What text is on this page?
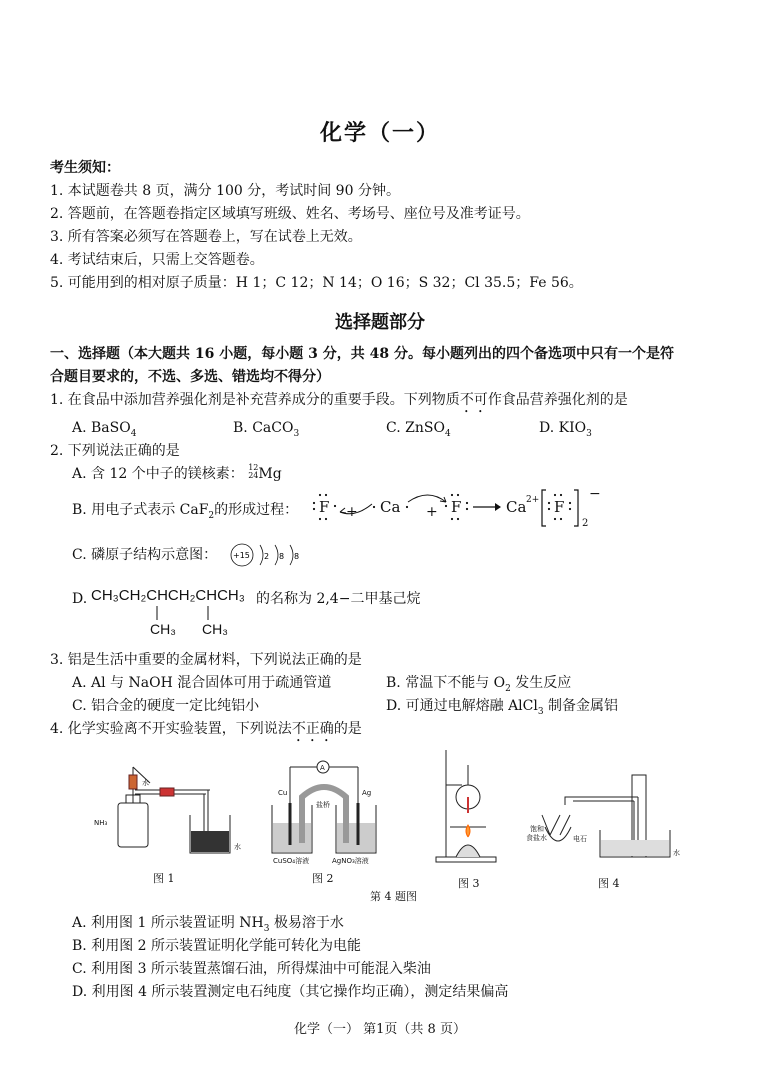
化学（一）
考生须知：
1. 本试题卷共 8 页，满分 100 分，考试时间 90 分钟。
2. 答题前，在答题卷指定区域填写班级、姓名、考场号、座位号及准考证号。
3. 所有答案必须写在答题卷上，写在试卷上无效。
4. 考试结束后，只需上交答题卷。
5. 可能用到的相对原子质量：H 1；C 12；N 14；O 16；S 32；Cl 35.5；Fe 56。
选择题部分
一、选择题（本大题共 16 小题，每小题 3 分，共 48 分。每小题列出的四个备选项中只有一个是符
合题目要求的，不选、多选、错选均不得分）
1. 在食品中添加营养强化剂是补充营养成分的重要手段。下列物质不可作食品营养强化剂的是
A. BaSO$_4$	B. CaCO$_3$	C. ZnSO$_4$	D. $KIO_3$
2. 下列说法正确的是
A. 含 12 个中子的镁核素： 12
24Mg
B. 用电子式表示 CaF$_2$的形成过程： F + Ca + F	Ca 2+ F
−
2
C. 磷原子结构示意图： +15 2 8 8
D. CH₃CH₂CHCH₂CHCH₃ 的名称为 2,4−二甲基己烷
CH₃ CH₃
3. 铝是生活中重要的金属材料，下列说法正确的是
A. Al 与 NaOH 混合固体可用于疏通管道	B. 常温下不能与 $O_2$ 发生反应
C. 铝合金的硬度一定比纯铝小	D. 可通过电解熔融 AlCl$_3$ 制备金属铝
4. 化学实验离不开实验装置，下列说法不正确的是
图 1	图 2	图 3	图 4
第 4 题图
水
NH₃
水
A
Cu	Ag
盐桥
CuSO₄溶液	AgNO₃溶液
饱和
食盐水	电石
水
A. 利用图 1 所示装置证明 $NH_3$ 极易溶于水
B. 利用图 2 所示装置证明化学能可转化为电能
C. 利用图 3 所示装置蒸馏石油，所得煤油中可能混入柴油
D. 利用图 4 所示装置测定电石纯度（其它操作均正确），测定结果偏高
化学（一） 第1页（共 8 页）
